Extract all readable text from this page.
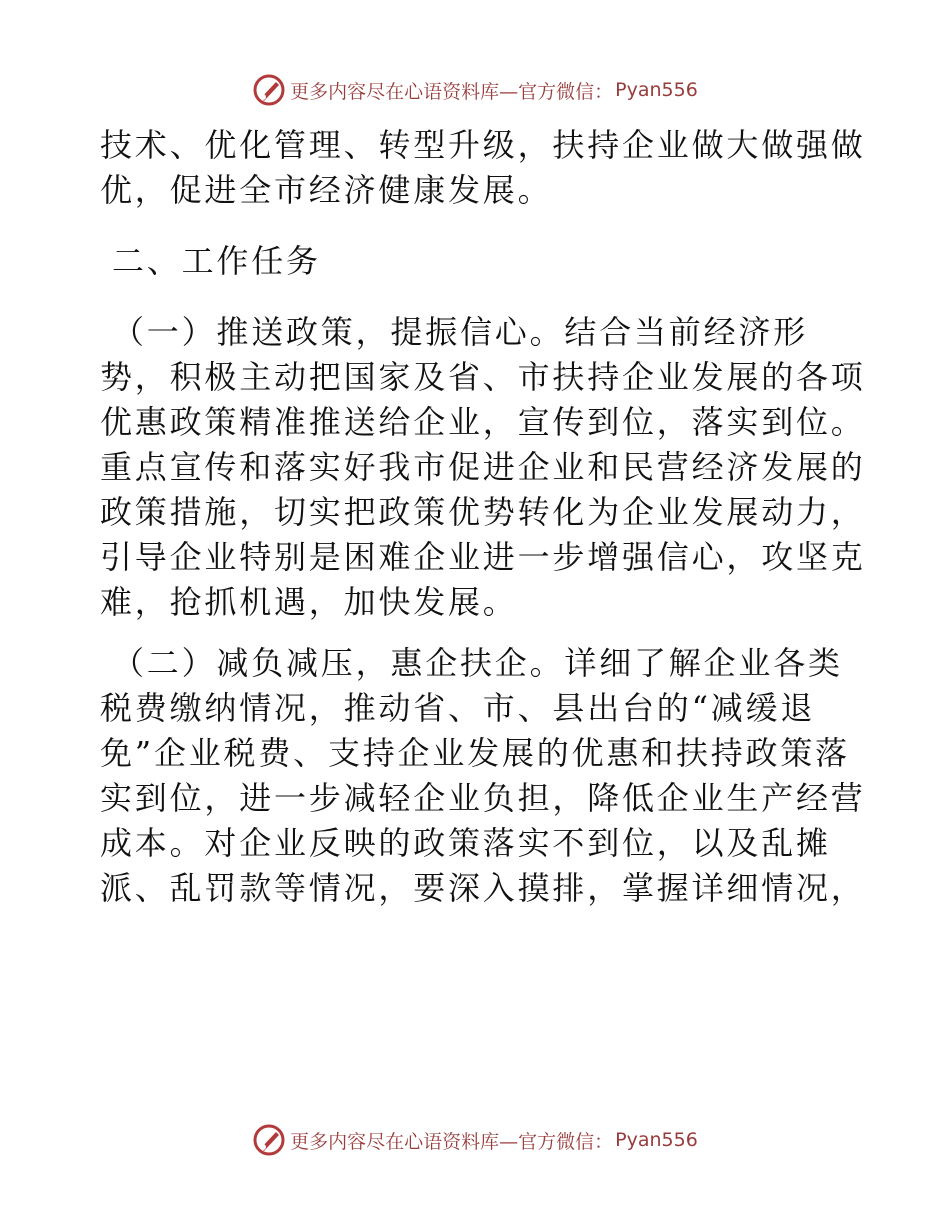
更多内容尽在心语资料库—官方微信： Pyan556

技术、优化管理、转型升级，扶持企业做大做强做
优，促进全市经济健康发展。

二、工作任务

（一）推送政策，提振信心。结合当前经济形
势，积极主动把国家及省、市扶持企业发展的各项
优惠政策精准推送给企业，宣传到位，落实到位。
重点宣传和落实好我市促进企业和民营经济发展的
政策措施，切实把政策优势转化为企业发展动力，
引导企业特别是困难企业进一步增强信心，攻坚克
难，抢抓机遇，加快发展。

（二）减负减压，惠企扶企。详细了解企业各类
税费缴纳情况，推动省、市、县出台的“减缓退
免”企业税费、支持企业发展的优惠和扶持政策落
实到位，进一步减轻企业负担，降低企业生产经营
成本。对企业反映的政策落实不到位，以及乱摊
派、乱罚款等情况，要深入摸排，掌握详细情况，

更多内容尽在心语资料库—官方微信： Pyan556
